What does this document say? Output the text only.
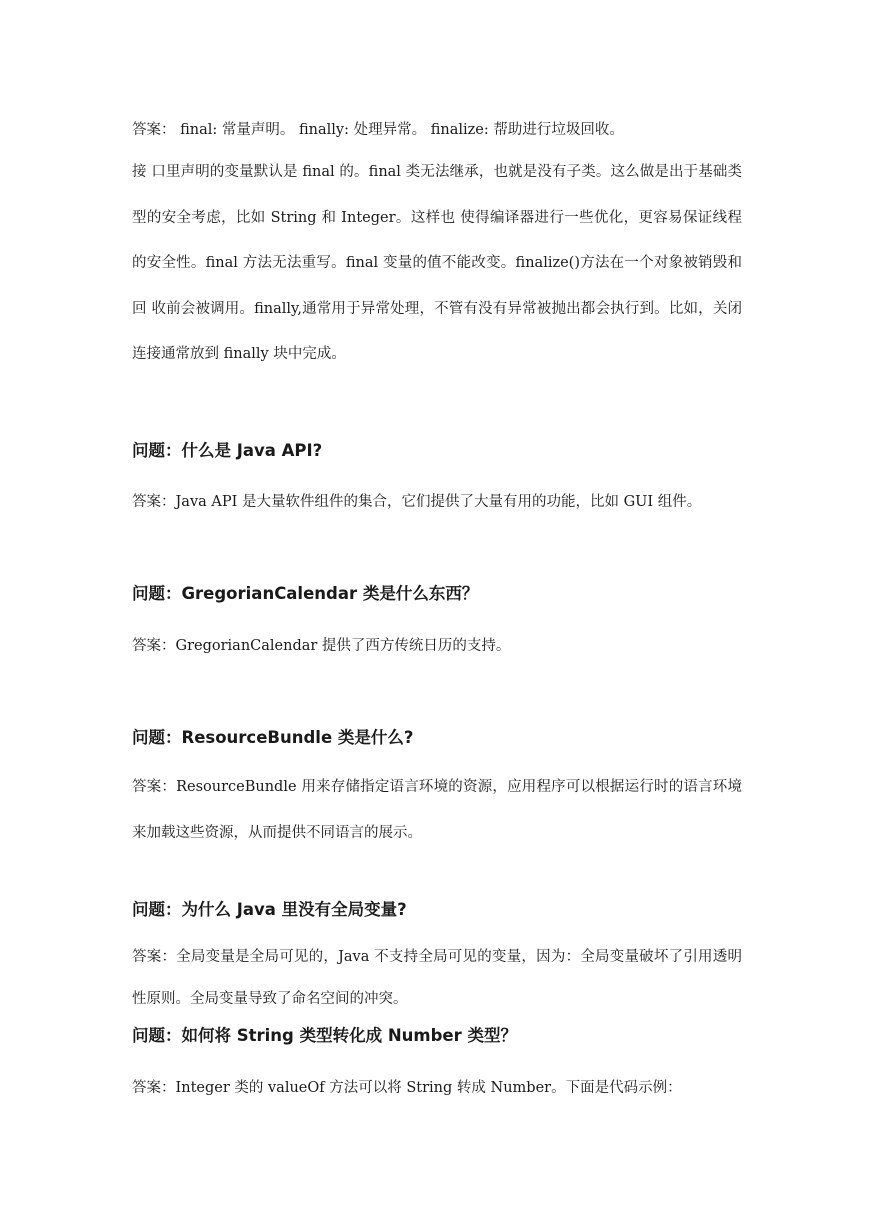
答案： final: 常量声明。 finally: 处理异常。 finalize: 帮助进行垃圾回收。

接 口里声明的变量默认是 final 的。final 类无法继承，也就是没有子类。这么做是出于基础类型的安全考虑，比如 String 和 Integer。这样也 使得编译器进行一些优化，更容易保证线程的安全性。final 方法无法重写。final 变量的值不能改变。finalize()方法在一个对象被销毁和回 收前会被调用。finally,通常用于异常处理，不管有没有异常被抛出都会执行到。比如，关闭连接通常放到 finally 块中完成。

问题：什么是 Java API?

答案：Java API 是大量软件组件的集合，它们提供了大量有用的功能，比如 GUI 组件。

问题：GregorianCalendar 类是什么东西？

答案：GregorianCalendar 提供了西方传统日历的支持。

问题：ResourceBundle 类是什么?

答案：ResourceBundle 用来存储指定语言环境的资源，应用程序可以根据运行时的语言环境来加载这些资源，从而提供不同语言的展示。

问题：为什么 Java 里没有全局变量?

答案：全局变量是全局可见的，Java 不支持全局可见的变量，因为：全局变量破坏了引用透明性原则。全局变量导致了命名空间的冲突。

问题：如何将 String 类型转化成 Number 类型？

答案：Integer 类的 valueOf 方法可以将 String 转成 Number。下面是代码示例：
